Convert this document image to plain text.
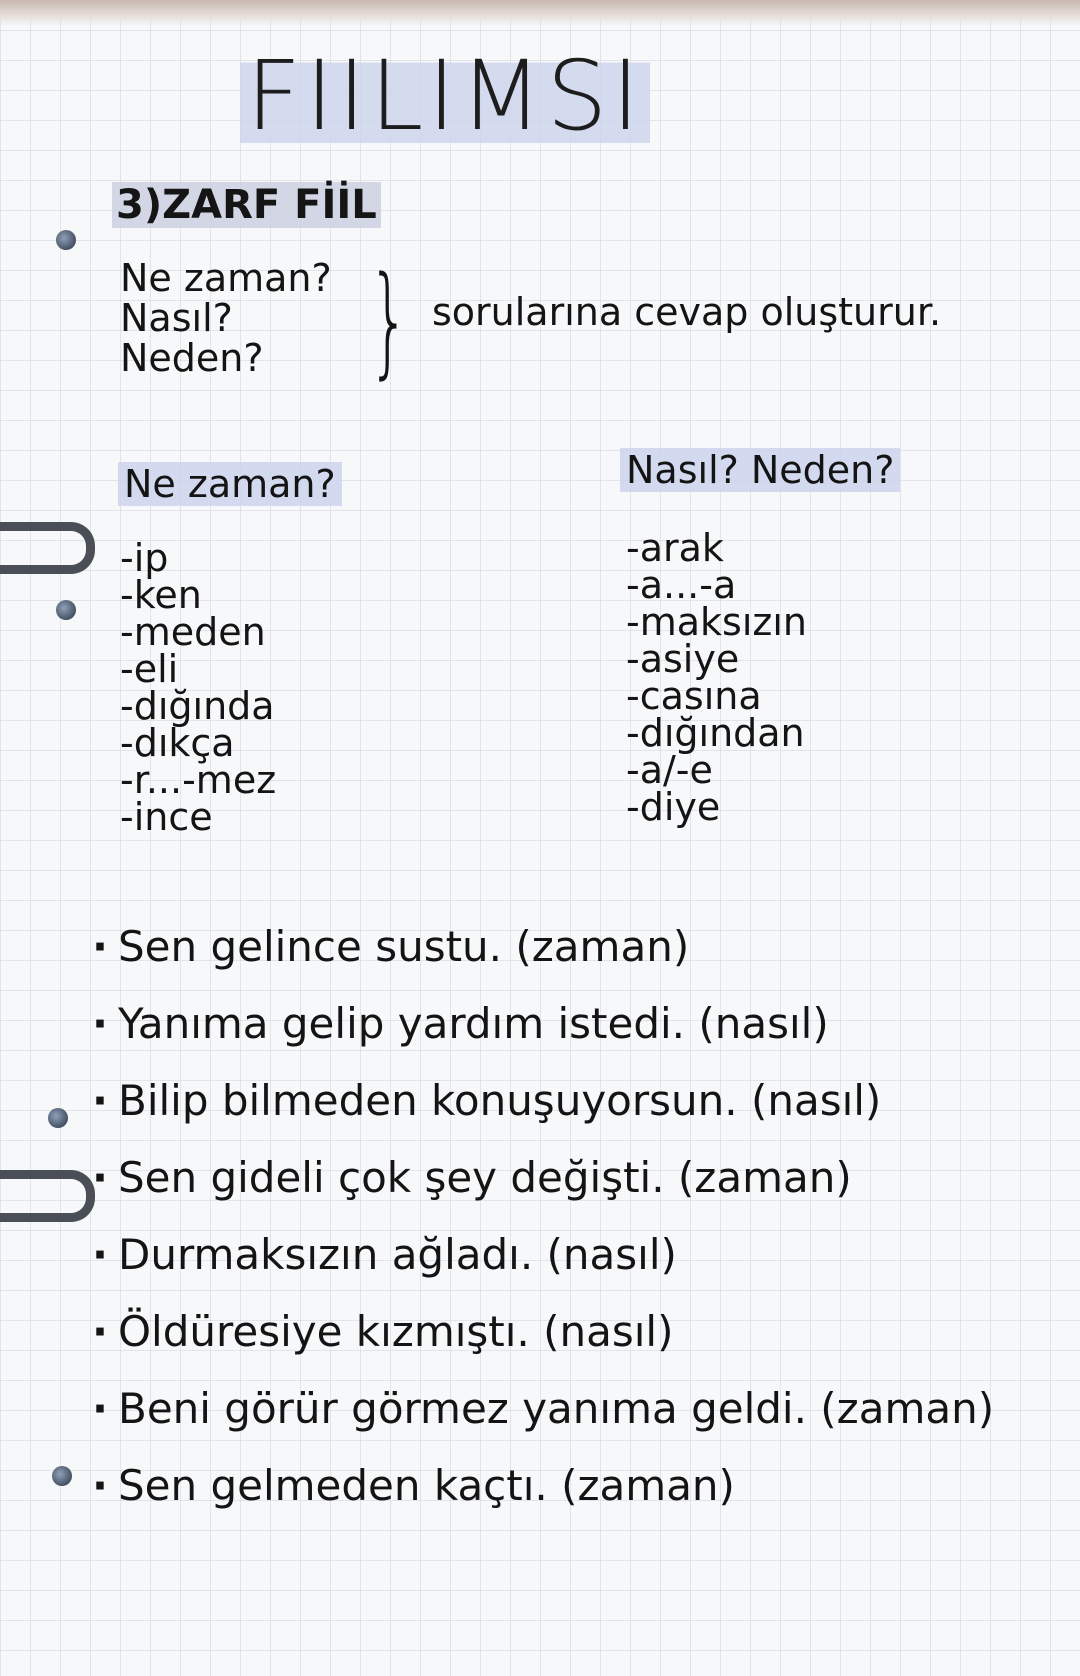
FIILIMSI
3)ZARF FİİL
Ne zaman?
Nasıl?
Neden? } sorularına cevap oluşturur.
Ne zaman?	Nasıl? Neden?
-ip
-ken
-meden
-eli
-dığında
-dıkça
-r...-mez
-ince
-arak
-a...-a
-maksızın
-asiye
-casına
-dığından
-a/-e
-diye
· Sen gelince sustu. (zaman)
· Yanıma gelip yardım istedi. (nasıl)
· Bilip bilmeden konuşuyorsun. (nasıl)
· Sen gideli çok şey değişti. (zaman)
· Durmaksızın ağladı. (nasıl)
· Öldüresiye kızmıştı. (nasıl)
· Beni görür görmez yanıma geldi. (zaman)
· Sen gelmeden kaçtı. (zaman)
